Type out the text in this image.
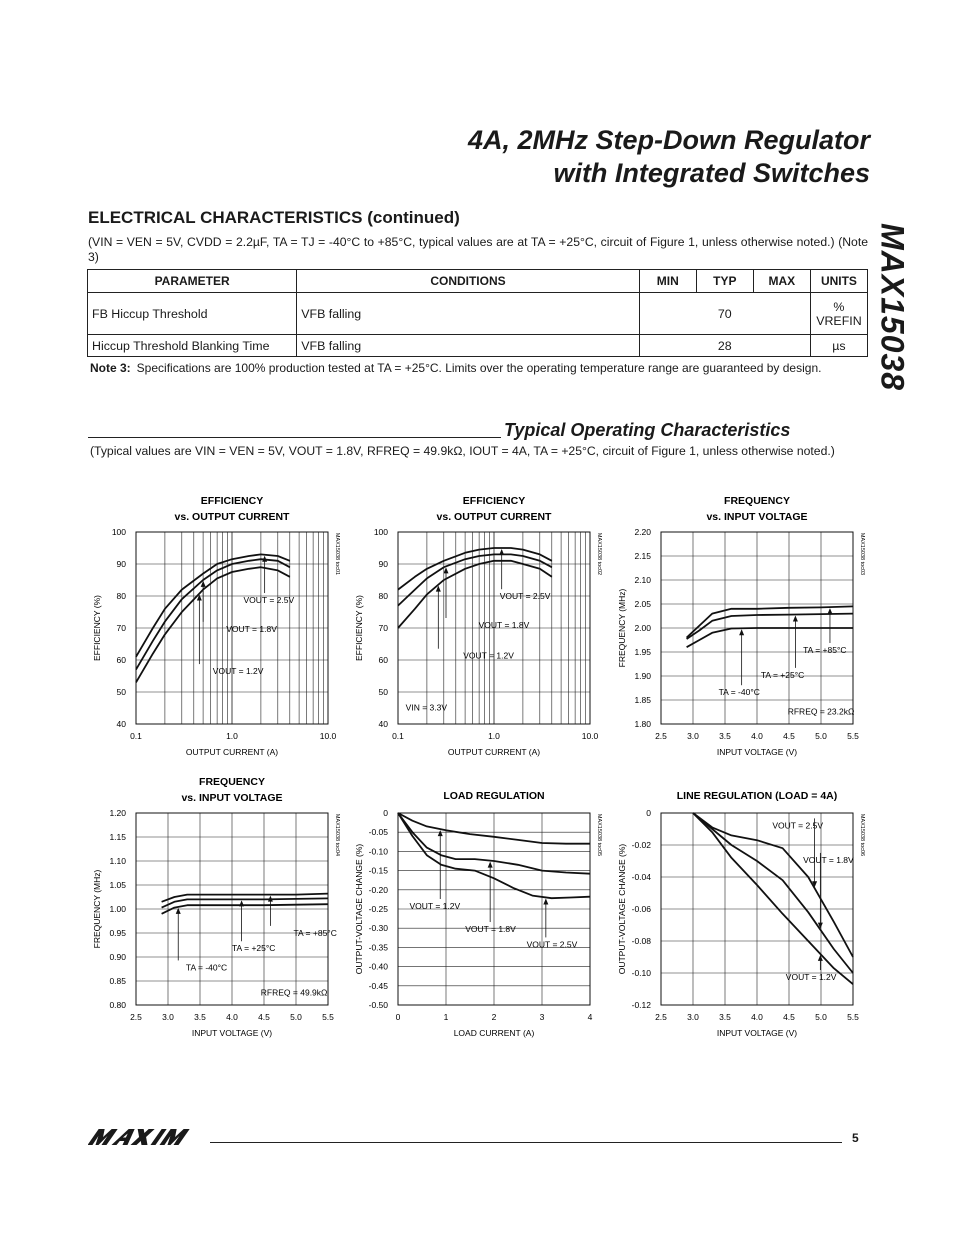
4A, 2MHz Step-Down Regulator
with Integrated Switches
MAX15038
ELECTRICAL CHARACTERISTICS (continued)
(VIN = VEN = 5V, CVDD = 2.2µF, TA = TJ = -40°C to +85°C, typical values are at TA = +25°C, circuit of Figure 1, unless otherwise noted.) (Note 3)
PARAMETER	CONDITIONS	MIN	TYP	MAX	UNITS
FB Hiccup Threshold	VFB falling		70		%
VREFIN

Hiccup Threshold Blanking Time	VFB falling		28		µs
Note 3: Specifications are 100% production tested at TA = +25°C. Limits over the operating temperature range are guaranteed by design.
Typical Operating Characteristics
(Typical values are VIN = VEN = 5V, VOUT = 1.8V, RFREQ = 49.9kΩ, IOUT = 4A, TA = +25°C, circuit of Figure 1, unless otherwise noted.)
EFFICIENCY
vs. OUTPUT CURRENT
0.1	1.0	10.0
40
50
60
70
80
90
100
OUTPUT CURRENT (A)
EFFICIENCY (%)
MAX15038 toc01
VOUT = 2.5V
VOUT = 1.8V
VOUT = 1.2V
EFFICIENCY
vs. OUTPUT CURRENT
0.1	1.0	10.0
40
50
60
70
80
90
100
OUTPUT CURRENT (A)
EFFICIENCY (%)
MAX15038 toc02
VOUT = 2.5V
VOUT = 1.8V
VOUT = 1.2V
VIN = 3.3V
FREQUENCY
vs. INPUT VOLTAGE
2.5 3.0 3.5 4.0 4.5 5.0 5.5
1.80
1.85
1.90
1.95
2.00
2.05
2.10
2.15
2.20
INPUT VOLTAGE (V)
FREQUENCY (MHz)
MAX15038 toc03
TA = +85°C
TA = +25°C
TA = -40°C
RFREQ = 23.2kΩ
FREQUENCY
vs. INPUT VOLTAGE
2.5 3.0 3.5 4.0 4.5 5.0 5.5
0.80
0.85
0.90
0.95
1.00
1.05
1.10
1.15
1.20
INPUT VOLTAGE (V)
FREQUENCY (MHz)
MAX15038 toc04
TA = +85°C
TA = +25°C
TA = -40°C
RFREQ = 49.9kΩ
LOAD REGULATION
0	1	2	3	4
-0.50
-0.45
-0.40
-0.35
-0.30
-0.25
-0.20
-0.15
-0.10
-0.05
0
LOAD CURRENT (A)
OUTPUT-VOLTAGE CHANGE (%)
MAX15038 toc05
VOUT = 1.2V
VOUT = 1.8V
VOUT = 2.5V
LINE REGULATION (LOAD = 4A)
2.5 3.0 3.5 4.0 4.5 5.0 5.5
-0.12
-0.10
-0.08
-0.06
-0.04
-0.02
0
INPUT VOLTAGE (V)
OUTPUT-VOLTAGE CHANGE (%)
MAX15038 toc06
VOUT = 2.5V
VOUT = 1.8V
VOUT = 1.2V
5
